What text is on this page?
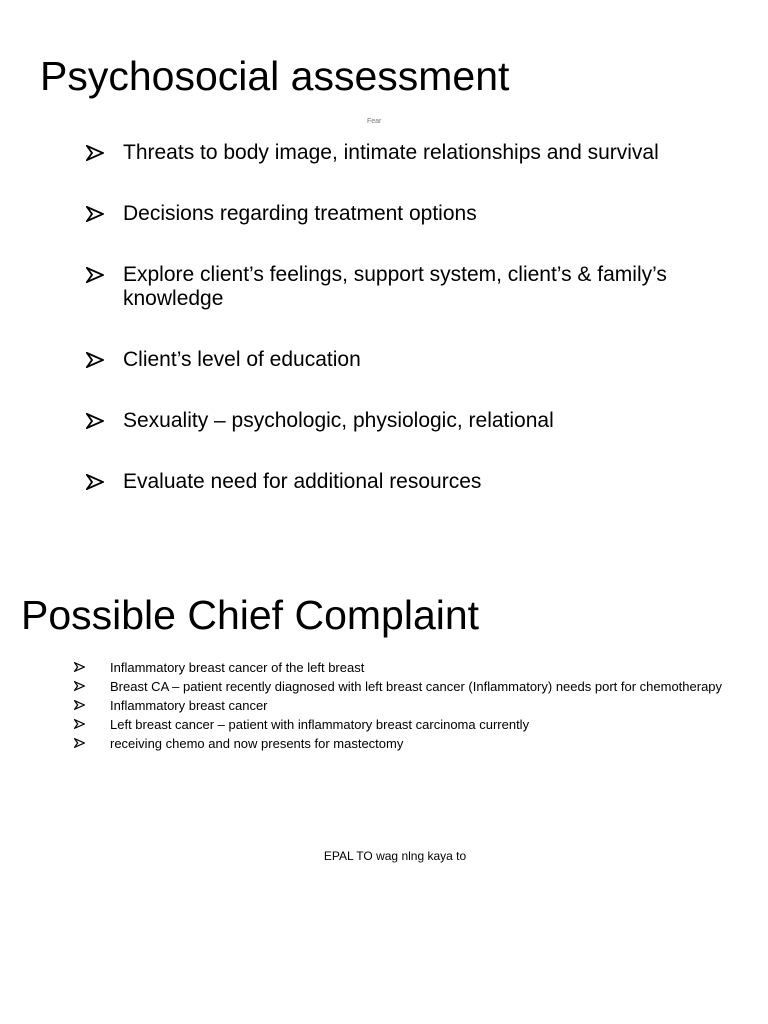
Psychosocial assessment
Fear
Threats to body image, intimate relationships and survival
Decisions regarding treatment options
Explore client’s feelings, support system, client’s & family’s knowledge
Client’s level of education
Sexuality – psychologic, physiologic, relational
Evaluate need for additional resources
Possible Chief Complaint
Inflammatory breast cancer of the left breast
Breast CA – patient recently diagnosed with left breast cancer (Inflammatory) needs port for chemotherapy
Inflammatory breast cancer
Left breast cancer – patient with inflammatory breast carcinoma currently
receiving chemo and now presents for mastectomy
EPAL TO wag nlng kaya to
